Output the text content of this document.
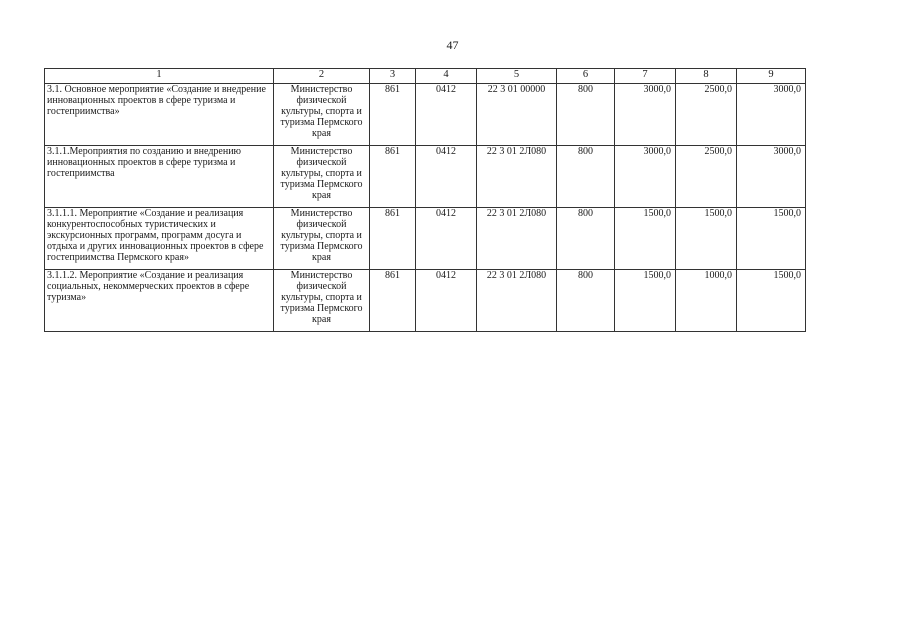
47
1	2	3	4	5	6	7	8	9
3.1. Основное мероприятие «Создание и внедрение инновационных проектов в сфере туризма и гостеприимства»	Министерство физической культуры, спорта и туризма Пермского края	861	0412	22 3 01 00000	800	3000,0	2500,0	3000,0
3.1.1.Мероприятия по созданию и внедрению инновационных проектов в сфере туризма и гостеприимства	Министерство физической культуры, спорта и туризма Пермского края	861	0412	22 3 01 2Л080	800	3000,0	2500,0	3000,0
3.1.1.1. Мероприятие «Создание и реализация конкурентоспособных туристических и экскурсионных программ, программ досуга и отдыха и других инновационных проектов в сфере гостеприимства Пермского края»	Министерство физической культуры, спорта и туризма Пермского края	861	0412	22 3 01 2Л080	800	1500,0	1500,0	1500,0
3.1.1.2. Мероприятие «Создание и реализация социальных, некоммерческих проектов в сфере туризма»	Министерство физической культуры, спорта и туризма Пермского края	861	0412	22 3 01 2Л080	800	1500,0	1000,0	1500,0
